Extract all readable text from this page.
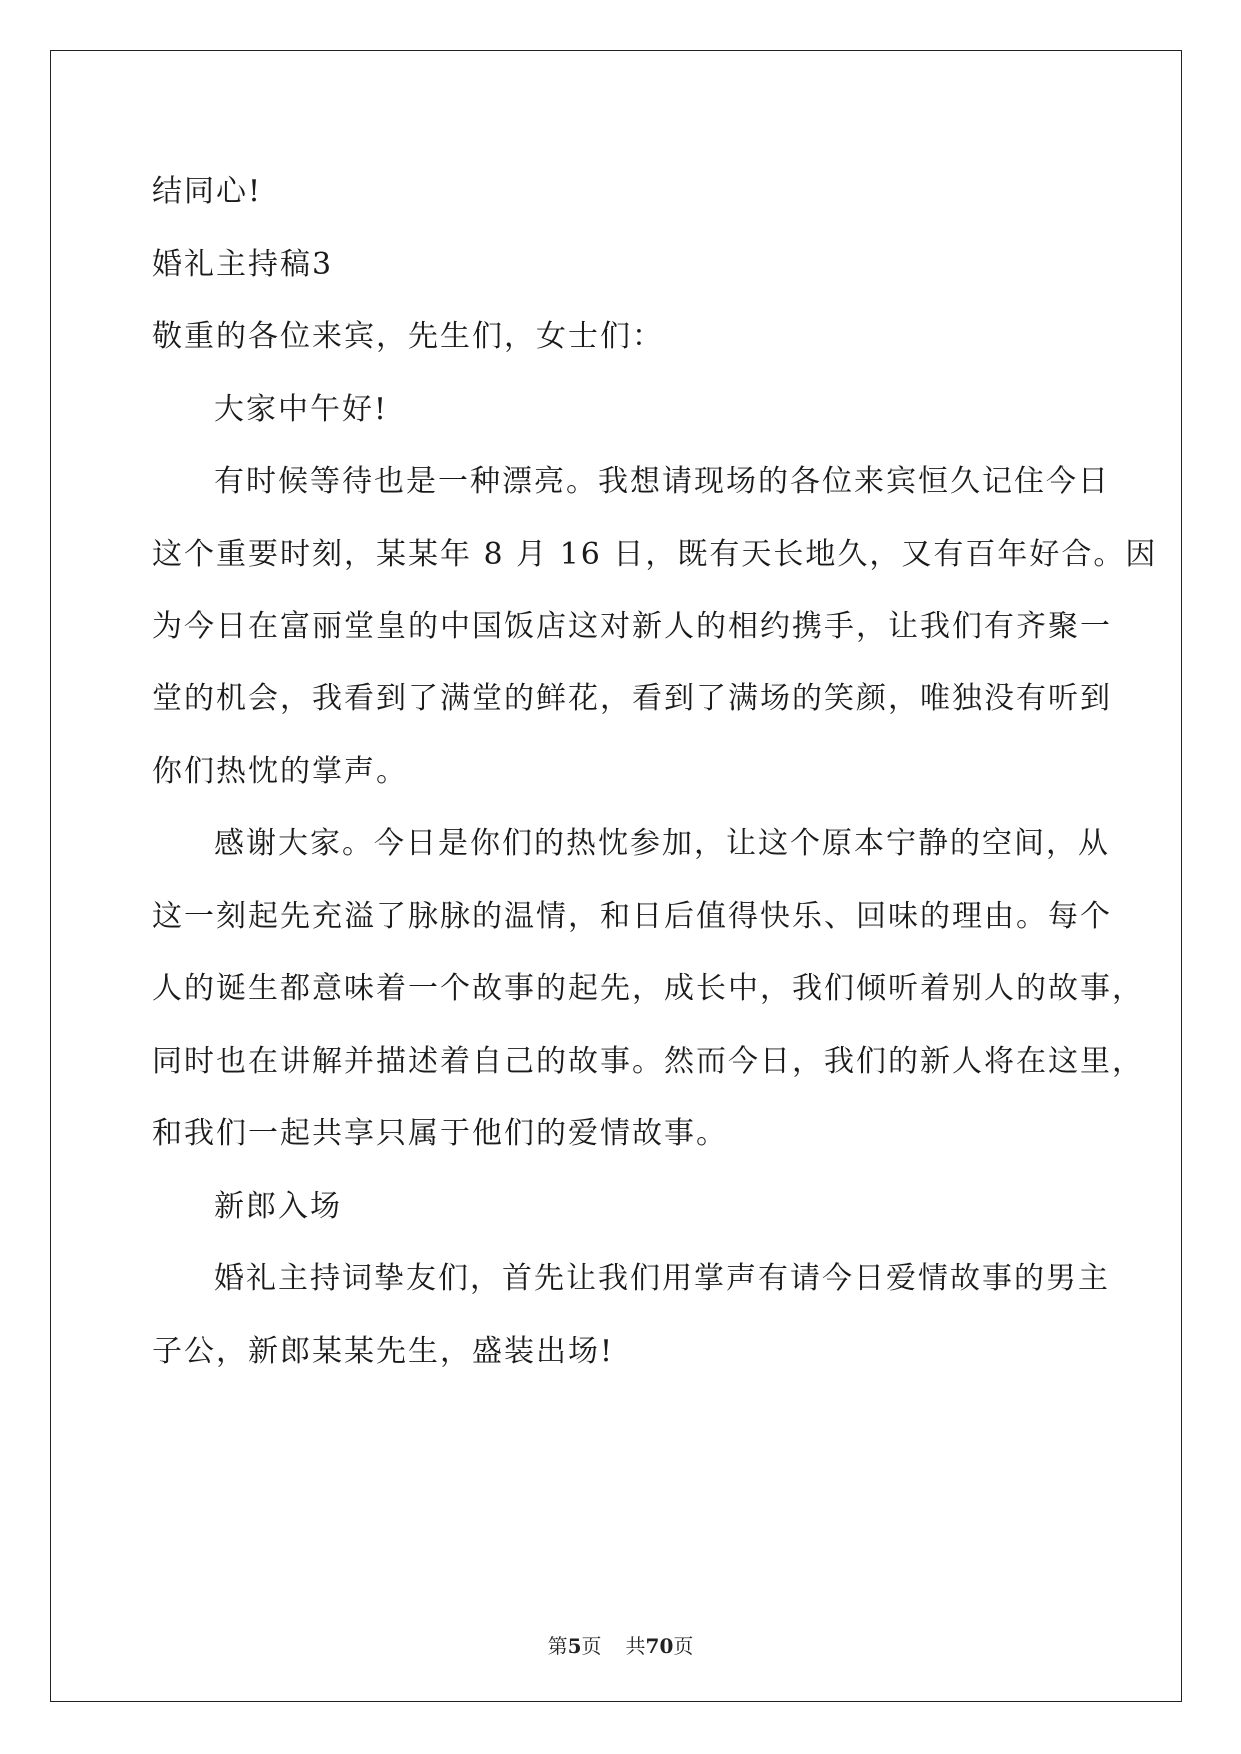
结同心!
婚礼主持稿3
敬重的各位来宾，先生们，女士们：
大家中午好!
有时候等待也是一种漂亮。我想请现场的各位来宾恒久记住今日
这个重要时刻，某某年 8 月 16 日，既有天长地久，又有百年好合。因
为今日在富丽堂皇的中国饭店这对新人的相约携手，让我们有齐聚一
堂的机会，我看到了满堂的鲜花，看到了满场的笑颜，唯独没有听到
你们热忱的掌声。
感谢大家。今日是你们的热忱参加，让这个原本宁静的空间，从
这一刻起先充溢了脉脉的温情，和日后值得快乐、回味的理由。每个
人的诞生都意味着一个故事的起先，成长中，我们倾听着别人的故事，
同时也在讲解并描述着自己的故事。然而今日，我们的新人将在这里，
和我们一起共享只属于他们的爱情故事。
新郎入场
婚礼主持词挚友们，首先让我们用掌声有请今日爱情故事的男主
子公，新郎某某先生，盛装出场!
第5页 共70页
